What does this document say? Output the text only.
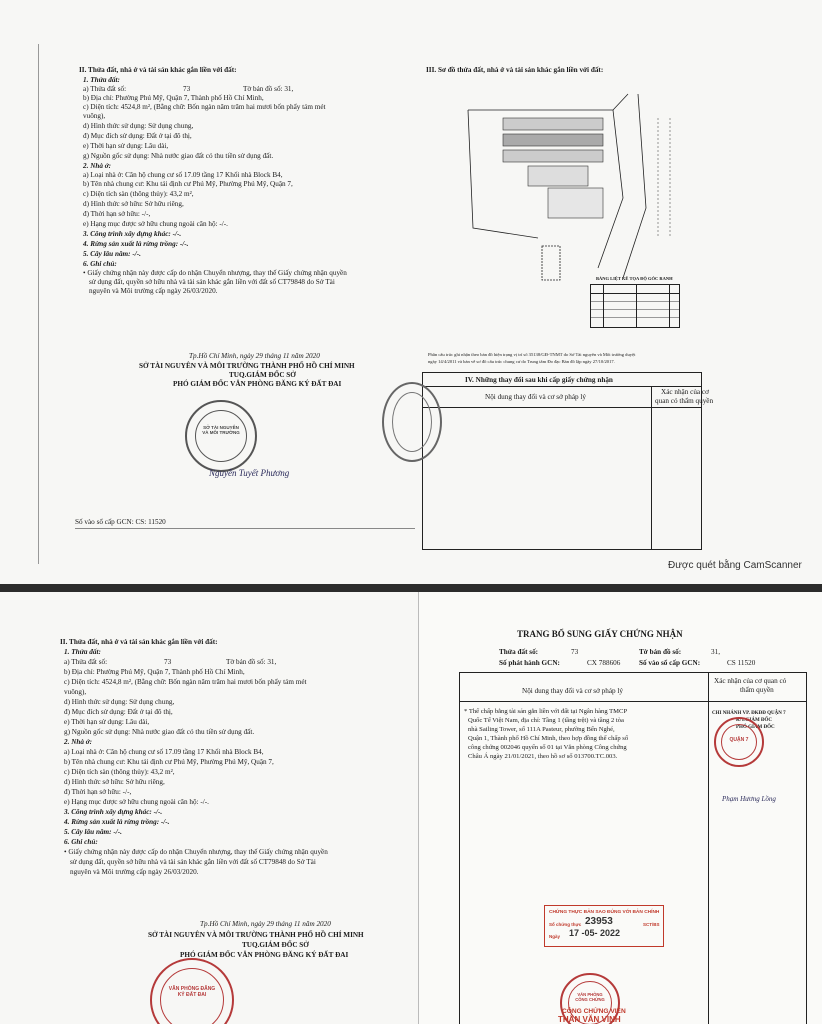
II. Thửa đất, nhà ở và tài sản khác gắn liền với đất:
1. Thửa đất:
a) Thửa đất số:	73	Tờ bản đồ số: 31,
b) Địa chỉ: Phường Phú Mỹ, Quận 7, Thành phố Hồ Chí Minh,
c) Diện tích: 4524,8 m², (Bằng chữ: Bốn ngàn năm trăm hai mươi bốn phẩy tám mét
vuông),
d) Hình thức sử dụng: Sử dụng chung,
đ) Mục đích sử dụng: Đất ở tại đô thị,
e) Thời hạn sử dụng: Lâu dài,
g) Nguồn gốc sử dụng: Nhà nước giao đất có thu tiền sử dụng đất.
2. Nhà ở:
a) Loại nhà ở: Căn hộ chung cư số 17.09 tầng 17 Khối nhà Block B4,
b) Tên nhà chung cư: Khu tái định cư Phú Mỹ, Phường Phú Mỹ, Quận 7,
c) Diện tích sàn (thông thủy): 43,2 m²,
d) Hình thức sở hữu: Sở hữu riêng,
đ) Thời hạn sở hữu: -/-,
e) Hạng mục được sở hữu chung ngoài căn hộ: -/-.
3. Công trình xây dựng khác: -/-.
4. Rừng sản xuất là rừng trồng: -/-.
5. Cây lâu năm: -/-.
6. Ghi chú:
• Giấy chứng nhận này được cấp do nhận Chuyển nhượng, thay thế Giấy chứng nhận quyền
sử dụng đất, quyền sở hữu nhà và tài sản khác gắn liền với đất số CT79848 do Sở Tài
nguyên và Môi trường cấp ngày 26/03/2020.
Tp.Hồ Chí Minh, ngày 29 tháng 11 năm 2020
SỞ TÀI NGUYÊN VÀ MÔI TRƯỜNG THÀNH PHỐ HỒ CHÍ MINH
TUQ.GIÁM ĐỐC SỞ
PHÓ GIÁM ĐỐC VĂN PHÒNG ĐĂNG KÝ ĐẤT ĐAI
SỞ TÀI NGUYÊN VÀ MÔI TRƯỜNG
Nguyễn Tuyết Phương
Số vào sổ cấp GCN: CS: 11520
III. Sơ đồ thửa đất, nhà ở và tài sản khác gắn liền với đất:
BẢNG LIỆT KÊ TỌA ĐỘ GÓC RANH
Phần cấu trúc ghi nhận theo bản đồ hiện trạng vị trí số 35138/GĐ-TNMT do Sở Tài nguyên và Môi trường duyệt
ngày 14/4/2011 và bản vẽ sơ đồ cấu trúc chung cư do Trung tâm Đo đạc Bản đồ lập ngày 27/10/2017.
IV. Những thay đổi sau khi cấp giấy chứng nhận
Nội dung thay đổi và cơ sở pháp lý
Xác nhận của cơ
quan có thẩm quyền
Được quét bằng CamScanner
II. Thửa đất, nhà ở và tài sản khác gắn liền với đất:
1. Thửa đất:
a) Thửa đất số:	73	Tờ bản đồ số: 31,
b) Địa chỉ: Phường Phú Mỹ, Quận 7, Thành phố Hồ Chí Minh,
c) Diện tích: 4524,8 m², (Bằng chữ: Bốn ngàn năm trăm hai mươi bốn phẩy tám mét
vuông),
d) Hình thức sử dụng: Sử dụng chung,
đ) Mục đích sử dụng: Đất ở tại đô thị,
e) Thời hạn sử dụng: Lâu dài,
g) Nguồn gốc sử dụng: Nhà nước giao đất có thu tiền sử dụng đất.
2. Nhà ở:
a) Loại nhà ở: Căn hộ chung cư số 17.09 tầng 17 Khối nhà Block B4,
b) Tên nhà chung cư: Khu tái định cư Phú Mỹ, Phường Phú Mỹ, Quận 7,
c) Diện tích sàn (thông thủy): 43,2 m²,
d) Hình thức sở hữu: Sở hữu riêng,
đ) Thời hạn sở hữu: -/-,
e) Hạng mục được sở hữu chung ngoài căn hộ: -/-.
3. Công trình xây dựng khác: -/-.
4. Rừng sản xuất là rừng trồng: -/-.
5. Cây lâu năm: -/-.
6. Ghi chú:
• Giấy chứng nhận này được cấp do nhận Chuyển nhượng, thay thế Giấy chứng nhận quyền
sử dụng đất, quyền sở hữu nhà và tài sản khác gắn liền với đất số CT79848 do Sở Tài
nguyên và Môi trường cấp ngày 26/03/2020.
Tp.Hồ Chí Minh, ngày 29 tháng 11 năm 2020
SỞ TÀI NGUYÊN VÀ MÔI TRƯỜNG THÀNH PHỐ HỒ CHÍ MINH
TUQ.GIÁM ĐỐC SỞ
PHÓ GIÁM ĐỐC VĂN PHÒNG ĐĂNG KÝ ĐẤT ĐAI
VĂN PHÒNG ĐĂNG KÝ ĐẤT ĐAI
TRANG BỔ SUNG GIẤY CHỨNG NHẬN
Thửa đất số:	73	Tờ bản đồ số:	31,
Số phát hành GCN:	CX 788606	Số vào sổ cấp GCN:	CS 11520
Nội dung thay đổi và cơ sở pháp lý
Xác nhận của cơ quan có
thẩm quyền
* Thế chấp bằng tài sản gắn liền với đất tại Ngân hàng TMCP
Quốc Tế Việt Nam, địa chỉ: Tầng 1 (tầng trệt) và tầng 2 tòa
nhà Sailing Tower, số 111A Pasteur, phường Bến Nghé,
Quận 1, Thành phố Hồ Chí Minh, theo hợp đồng thế chấp số
công chứng 002046 quyển số 01 tại Văn phòng Công chứng
Châu Á ngày 21/01/2021, theo hồ sơ số 013700.TC.003.
CHI NHÁNH VP. ĐKĐĐ QUẬN 7
K/T.GIÁM ĐỐC
PHÓ GIÁM ĐỐC
QUẬN 7
Phạm Hương Lồng
CHỨNG THỰC BẢN SAO ĐÚNG VỚI BẢN CHÍNH
Số chứng thực 23953	SCT/BS
Ngày 17 -05- 2022
VĂN PHÒNG CÔNG CHỨNG
CÔNG CHỨNG VIÊN
THÂN VĂN VINH
